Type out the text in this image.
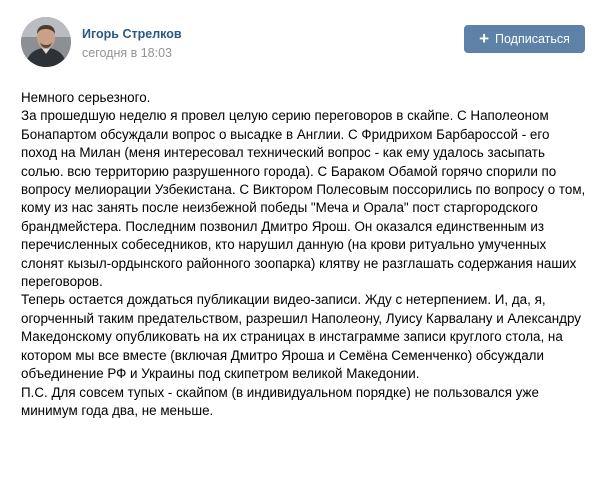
Игорь Стрелков
сегодня в 18:03
+ Подписаться

Немного серьезного.

За прошедшую неделю я провел целую серию переговоров в скайпе. С Наполеоном Бонапартом обсуждали вопрос о высадке в Англии. С Фридрихом Барбароссой - его поход на Милан (меня интересовал технический вопрос - как ему удалось засыпать солью. всю территорию разрушенного города). С Бараком Обамой горячо спорили по вопросу мелиорации Узбекистана. С Виктором Полесовым поссорились по вопросу о том, кому из нас занять после неизбежной победы "Меча и Орала" пост старгородского брандмейстера. Последним позвонил Дмитро Ярош. Он оказался единственным из перечисленных собеседников, кто нарушил данную (на крови ритуально умученных слонят кызыл-ордынского районного зоопарка) клятву не разглашать содержания наших переговоров.

Теперь остается дождаться публикации видео-записи. Жду с нетерпением. И, да, я, огорченный таким предательством, разрешил Наполеону, Луису Карвалану и Александру Македонскому опубликовать на их страницах в инстаграмме записи круглого стола, на котором мы все вместе (включая Дмитро Яроша и Семёна Семенченко) обсуждали объединение РФ и Украины под скипетром великой Македонии.

П.С. Для совсем тупых - скайпом (в индивидуальном порядке) не пользовался уже минимум года два, не меньше.
